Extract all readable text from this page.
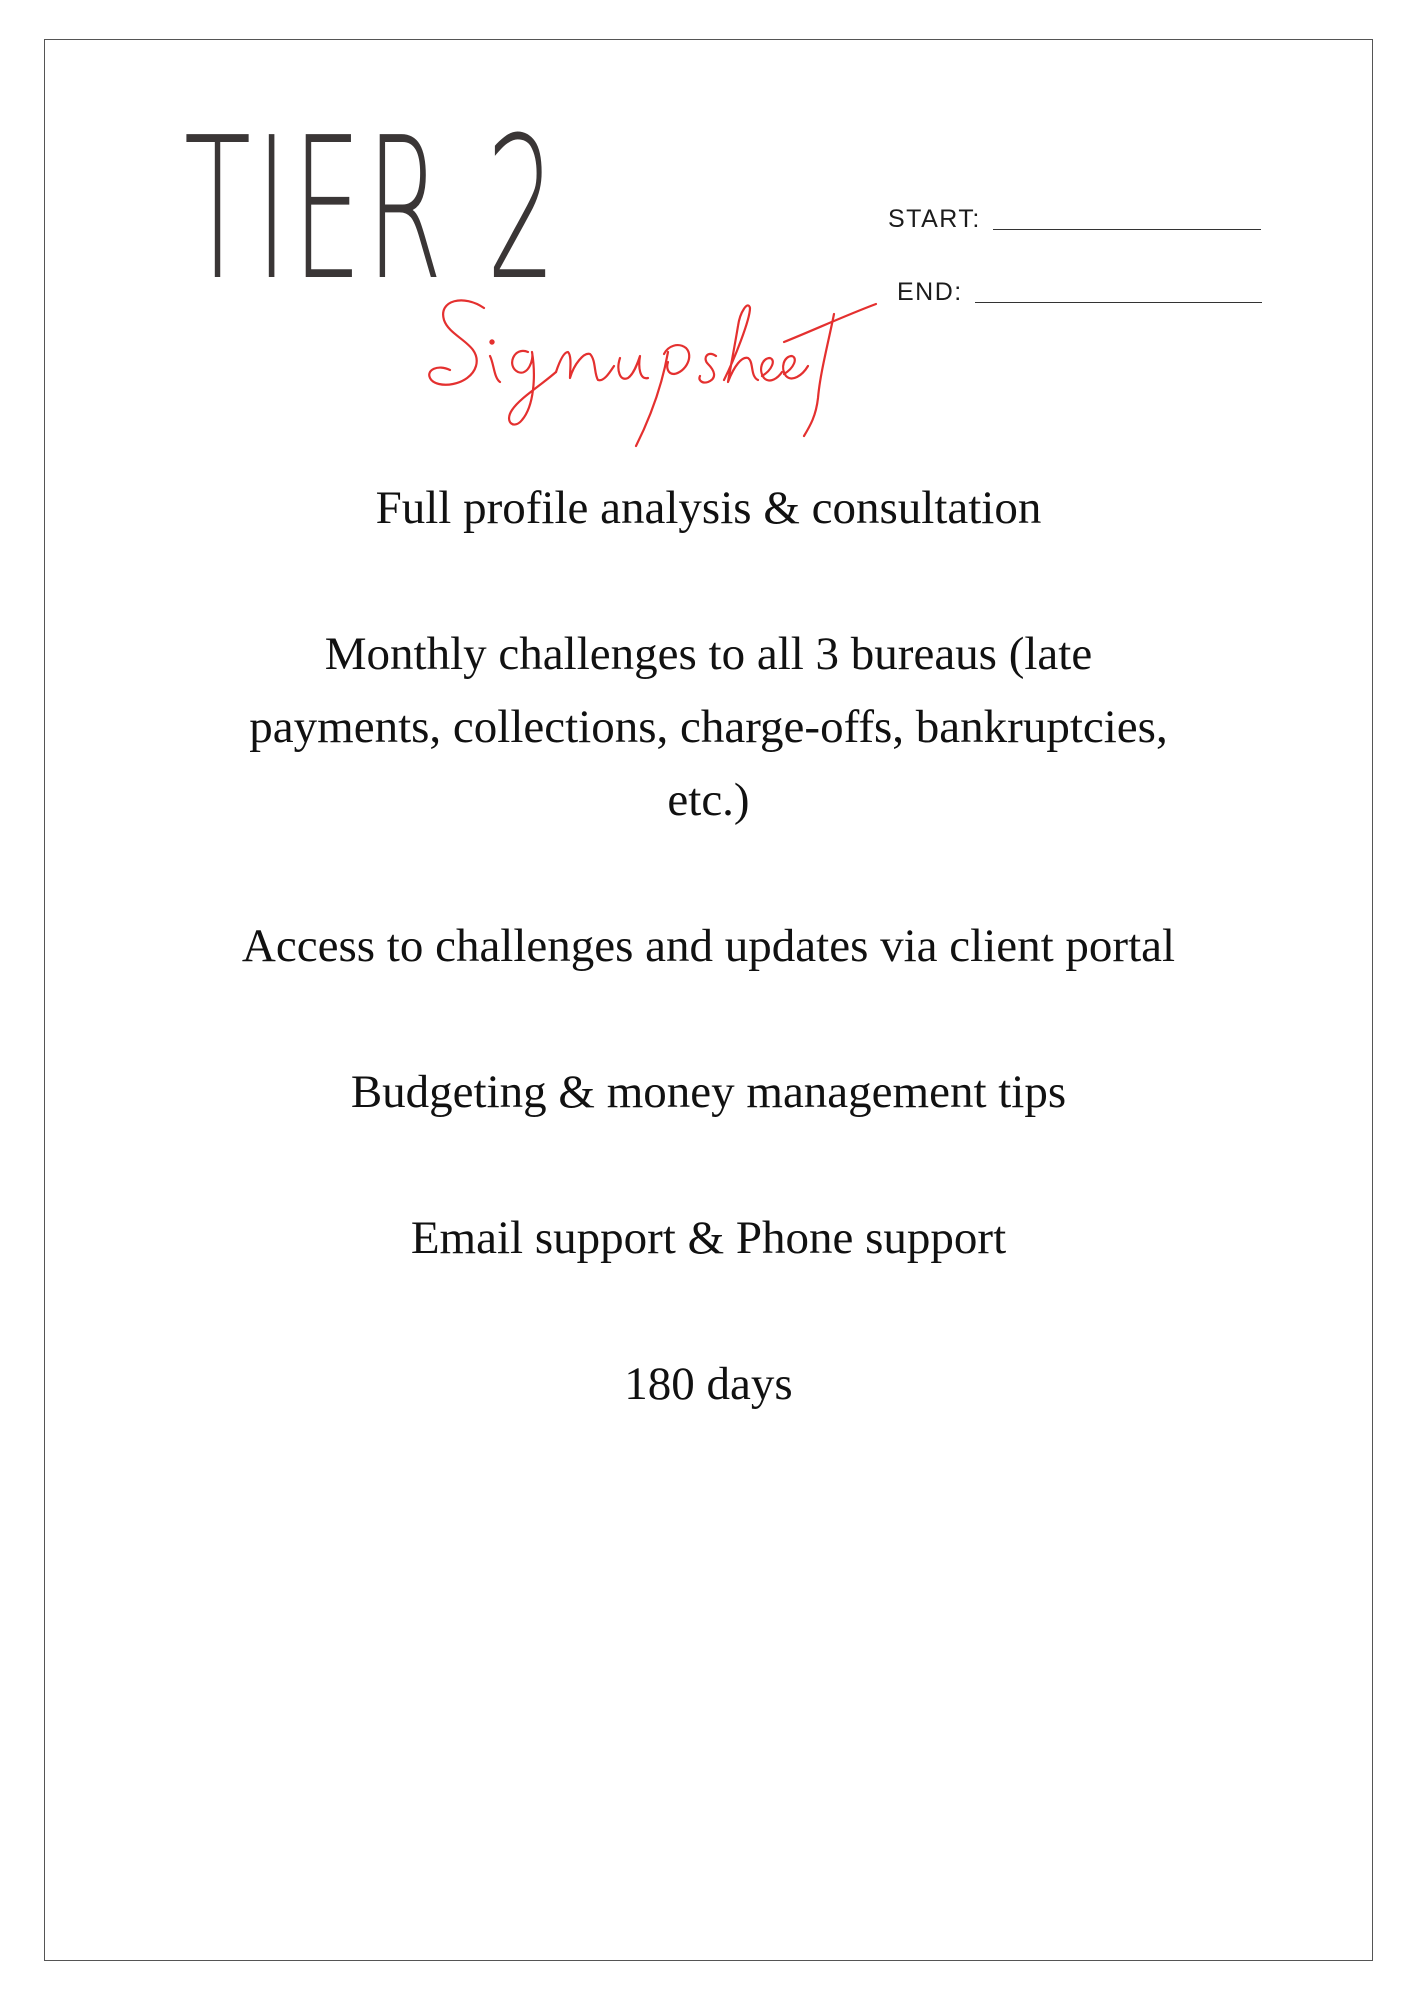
TIER 2	START:
END:
Full profile analysis & consultation
Monthly challenges to all 3 bureaus (late payments, collections, charge-offs, bankruptcies, etc.)
Access to challenges and updates via client portal
Budgeting & money management tips
Email support & Phone support
180 days
